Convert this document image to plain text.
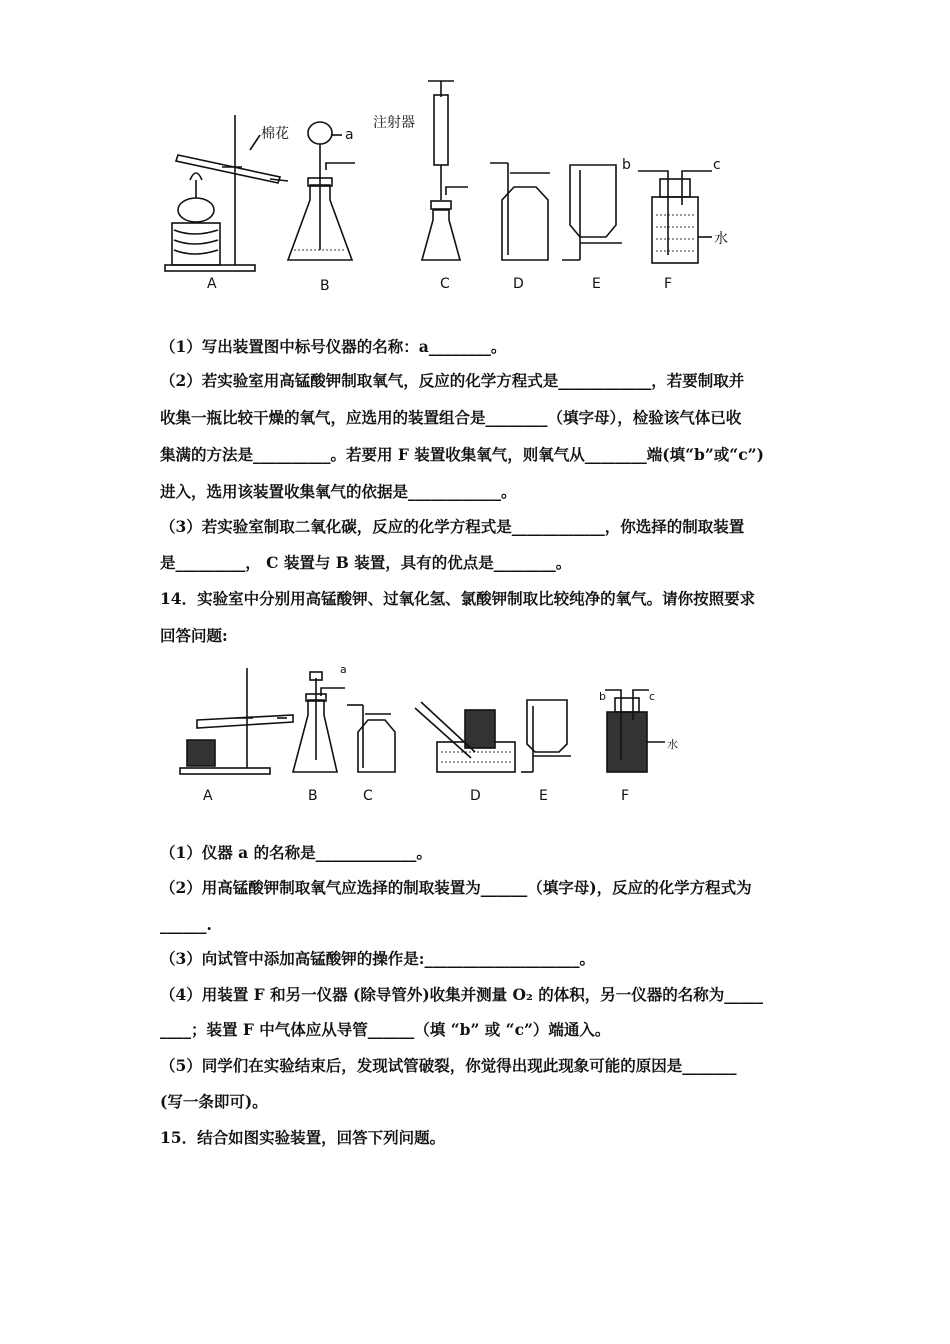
棉花	a
注射器
b	c
水
A	B	C	D	E	F
（1）写出装置图中标号仪器的名称：a________。
（2）若实验室用高锰酸钾制取氧气，反应的化学方程式是____________，若要制取并
收集一瓶比较干燥的氧气，应选用的装置组合是________（填字母），检验该气体已收
集满的方法是__________。若要用 F 装置收集氧气，则氧气从________端(填“b”或“c”)
进入，选用该装置收集氧气的依据是____________。
（3）若实验室制取二氧化碳，反应的化学方程式是____________，你选择的制取装置
是_________， C 装置与 B 装置，具有的优点是________。
14．实验室中分别用高锰酸钾、过氧化氢、氯酸钾制取比较纯净的氧气。请你按照要求
回答问题:
a
b	c
水
A	B	C	D	E	F
（1）仪器 a 的名称是_____________。
（2）用高锰酸钾制取氧气应选择的制取装置为______（填字母)，反应的化学方程式为
______.
（3）向试管中添加高锰酸钾的操作是:____________________。
（4）用装置 F 和另一仪器 (除导管外)收集并测量 O₂ 的体积，另一仪器的名称为_____
____；装置 F 中气体应从导管______（填 “b” 或 “c”）端通入。
（5）同学们在实验结束后，发现试管破裂，你觉得出现此现象可能的原因是_______
(写一条即可)。
15．结合如图实验装置，回答下列问题。
